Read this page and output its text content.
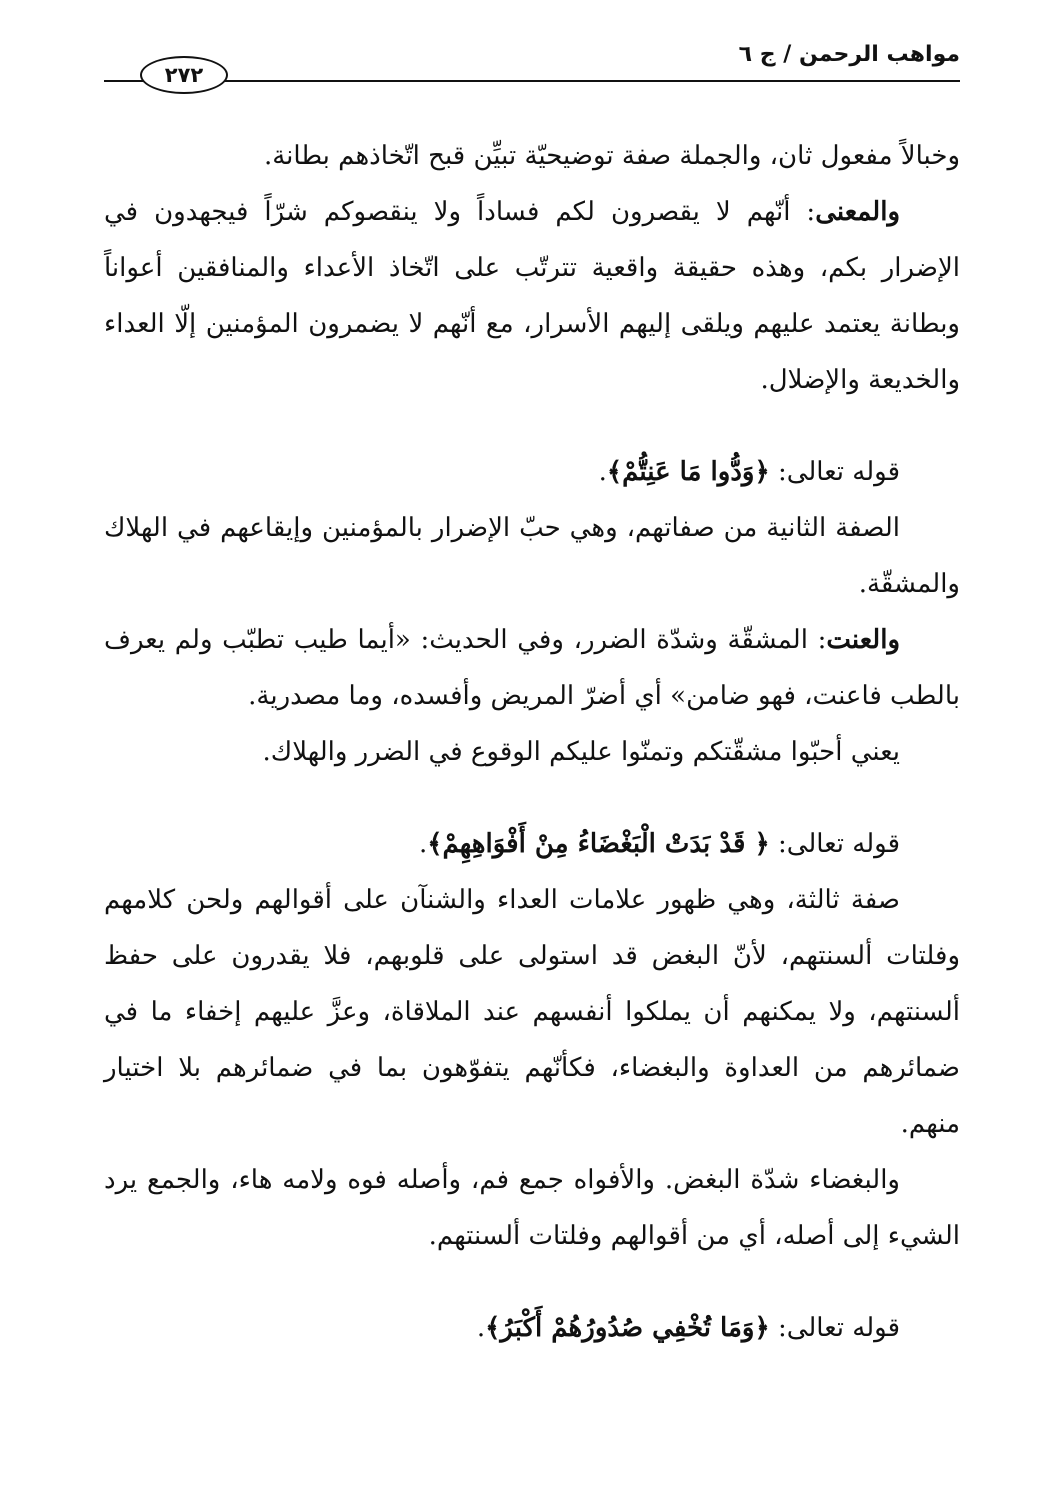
مواهب الرحمن / ج ٦
٢٧٢

وخبالاً مفعول ثان، والجملة صفة توضيحيّة تبيِّن قبح اتّخاذهم بطانة.

والمعنى: أنّهم لا يقصرون لكم فساداً ولا ينقصوكم شرّاً فيجهدون في الإضرار بكم، وهذه حقيقة واقعية تترتّب على اتّخاذ الأعداء والمنافقين أعواناً وبطانة يعتمد عليهم ويلقى إليهم الأسرار، مع أنّهم لا يضمرون المؤمنين إلّا العداء والخديعة والإضلال.

قوله تعالى: ﴿وَدُّوا مَا عَنِتُّمْ﴾.

الصفة الثانية من صفاتهم، وهي حبّ الإضرار بالمؤمنين وإيقاعهم في الهلاك والمشقّة.

والعنت: المشقّة وشدّة الضرر، وفي الحديث: «أيما طيب تطبّب ولم يعرف بالطب فاعنت، فهو ضامن» أي أضرّ المريض وأفسده، وما مصدرية.

يعني أحبّوا مشقّتكم وتمنّوا عليكم الوقوع في الضرر والهلاك.

قوله تعالى: ﴿ قَدْ بَدَتْ الْبَغْضَاءُ مِنْ أَفْوَاهِهِمْ﴾.

صفة ثالثة، وهي ظهور علامات العداء والشنآن على أقوالهم ولحن كلامهم وفلتات ألسنتهم، لأنّ البغض قد استولى على قلوبهم، فلا يقدرون على حفظ ألسنتهم، ولا يمكنهم أن يملكوا أنفسهم عند الملاقاة، وعزَّ عليهم إخفاء ما في ضمائرهم من العداوة والبغضاء، فكأنّهم يتفوّهون بما في ضمائرهم بلا اختيار منهم.

والبغضاء شدّة البغض. والأفواه جمع فم، وأصله فوه ولامه هاء، والجمع يرد الشيء إلى أصله، أي من أقوالهم وفلتات ألسنتهم.

قوله تعالى: ﴿وَمَا تُخْفِي صُدُورُهُمْ أَكْبَرُ﴾.
